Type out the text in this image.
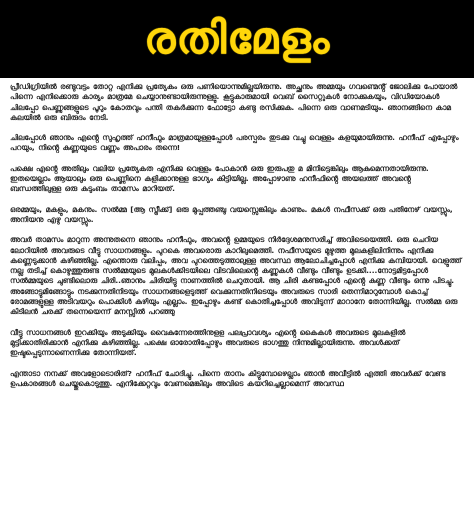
രതിമേളം

പ്രീഡിഗ്രിയിൽ രണ്ടുവട്ടം തോറ്റ എനിക്കു പ്രത്യേകം ഒരു പണിയൊന്നുമില്ലയിരുന്നു. അച്ഛനും അമ്മയും ഗവണ്മെൻ്റ് ജോലിക്കു പോയാൽ പിന്നെ എനിക്കൊരു കാര്യം മാത്രമേ ചെയ്യാനുണ്ടായിരുന്നുള്ളു. കൂട്ടുകാരുമായി വെബ് സൈറ്റുകൾ നോക്കുകയും, വിഡിയോകൾ ചിലപ്പോ പെണ്ണുങ്ങളുടെ പൂറും കോതവും പന്തി തകർക്കുന്ന ഫോട്ടോ കണ്ടു രസിക്കുക. പിന്നെ ഒരു വാണമടിയും. ഞാനങ്ങിനെ കാമ കലയിൽ ഒരു ബിരുദം നേടി.

ചിലപ്പോൾ ഞാനും എൻ്റെ സുഹൃത്ത് ഹനീഫും മാത്രമായുള്ളപ്പോൾ പരസ്പരം തുടക്കു വച്ചു വെള്ളം കളയുമായിരുന്നു. ഹനീഫ് എപ്പോഴും പറയും, നിൻ്റെ കുണ്ണയുടെ വണ്ണം അപാരം തന്നെ!

പക്ഷെ എൻ്റെ അതിലും വലിയ പ്രത്യേകത എനിക്കു വെള്ളം പോകാൻ ഒരു ഇരുപതു മ മിനിട്ടെങ്കിലും ആകുമെന്നതായിരുന്നു. ഇതയെല്ലാം ആയാലും ഒരു പെണ്ണിനെ കളിക്കാനുള്ള ഭാഗ്യം കിട്ടിയില്ല. അപ്പോഴാണു ഹനീഫിൻ്റെ അയലത്ത് അവൻ്റെ ബന്ധത്തിലുള്ള ഒരു കുടുംബം താമസം മാറിയത്.

ഒരമ്മയും, മകളും, മകനും. സൽമ്മ [ആ സ്ട്രീക്ക്] ഒരു മുപ്പത്തഞ്ചു വയസ്സെങ്കിലും കാണും. മകൾ നഫീസക്ക് ഒരു പതിനേഴ് വയസ്സും, അനിയനു എഴു വയസ്സും.

അവർ താമസം മാറുന്ന അന്നുതന്നെ ഞാനും ഹനീഫും, അവൻ്റെ ഉമ്മയുടെ നിർദ്ദേശമനുസരിച്ച് അവിടെയെത്തി. ഒരു ചെറിയ ലോറിയിൽ അവരുടെ വീട്ടു സാധനങ്ങളും. പുറകെ അവരൊരു കാറിലുമെത്തി. നഫീസയുടെ മുഴുത്ത മുലകളിലിനിന്നും എനിക്കു കണ്ണെടുക്കാൻ കഴിഞ്ഞില്ല. എന്തൊരു വലിപ്പം, അവ പുറത്തെടുത്താലുള്ള അവസ്ഥ ആലോചിച്ചപ്പോൾ എനിക്കു കമ്പിയായി. വെളുത്ത് നല്ല തടിച്ച് കൊഴുത്തുരുണ്ട സൽമ്മയുടെ മുലകൾക്കിടയിലെ വിടവിലെൻ്റെ കണ്ണുകൾ വീണ്ടും വീണ്ടും ഉടക്കി....നോട്ടമിട്ടപ്പോൾ സൽമ്മയുടെ ചുണ്ടിലൊരു ചിരി..ഞാനും ചിരിയിട്ടു നാണത്തിൽ ചെറുതായി. ആ ചിരി കണ്ടപ്പോൾ എൻ്റെ കുണ്ണ വീണ്ടും ഒന്നു പിടച്ചു. അങ്ങോട്ടുമിങ്ങോട്ടും നടക്കുന്നതിനിടയും സാധനങ്ങളെടുത്ത് വെക്കുന്നതിനിടെയും അവരുടെ സാരി തെന്നിമാറുമ്പോൾ കൊച്ച് രോമങ്ങളുള്ള അടിവയറും പൊക്കിൾ കുഴിയും എല്ലാം. ഇപ്പോഴും കണ്ട് കൊതിച്ചപ്പോൾ അവിടുന്ന് മാറാനേ തോന്നിയില്ല. സൽമ്മ ഒരു കിടിലൻ ചരക്ക് തന്നെയെന്ന് മനസ്സിൽ പറഞ്ഞു

വീട്ടു സാധനങ്ങൾ ഇറക്കിയും അടുക്കിയും വൈകുന്നേരത്തിനുളള പലപ്രാവശ്യം എൻ്റെ കൈകൾ അവരുടെ മുലകളിൽ മുട്ടിക്കാതിരിക്കാൻ എനിക്കു കഴിഞ്ഞില്ല. പക്ഷെ ഓരോതിപ്പോഴും അവരുടെ ഭാഗത്തു നിന്നുമില്ലായിരുന്നു. അവൾക്കത് ഇഷ്ടപ്പെടുന്നാണെന്നിക്കു തോന്നിയത്.

എന്താടാ നനക്ക് അവളോടൊരിത്? ഹനീഫ് ചോദിച്ചു. പിന്നെ താനം കിട്ടുമ്പോഴെല്ലാം ഞാൻ അവീട്ടിൽ എത്തി അവർക്ക് വേണ്ട ഉപകാരങ്ങൾ ചെയ്തുകൊടുത്തു. എനിക്കേറ്റവും വേണമെങ്കിലും അവിടെ കയറിച്ചെല്ലാമെന്ന് അവസ്ഥ
